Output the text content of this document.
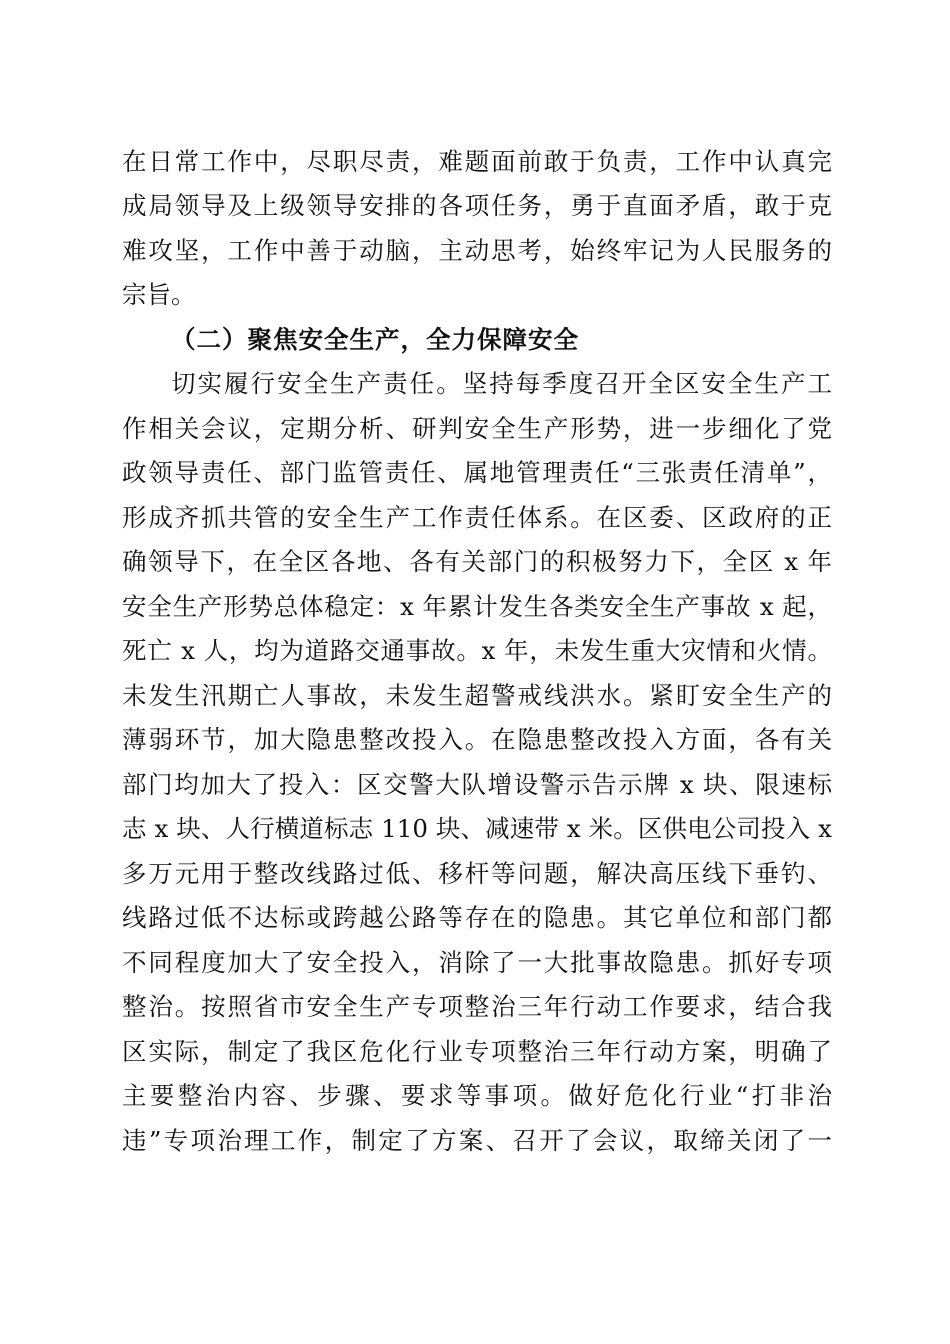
在日常工作中，尽职尽责，难题面前敢于负责，工作中认真完
成局领导及上级领导安排的各项任务，勇于直面矛盾，敢于克
难攻坚，工作中善于动脑，主动思考，始终牢记为人民服务的
宗旨。
（二）聚焦安全生产，全力保障安全
切实履行安全生产责任。坚持每季度召开全区安全生产工
作相关会议，定期分析、研判安全生产形势，进一步细化了党
政领导责任、部门监管责任、属地管理责任“三张责任清单”，
形成齐抓共管的安全生产工作责任体系。在区委、区政府的正
确领导下，在全区各地、各有关部门的积极努力下，全区 x 年
安全生产形势总体稳定：x 年累计发生各类安全生产事故 x 起，
死亡 x 人，均为道路交通事故。x 年，未发生重大灾情和火情。
未发生汛期亡人事故，未发生超警戒线洪水。紧盯安全生产的
薄弱环节，加大隐患整改投入。在隐患整改投入方面，各有关
部门均加大了投入：区交警大队增设警示告示牌 x 块、限速标
志 x 块、人行横道标志 110 块、减速带 x 米。区供电公司投入 x
多万元用于整改线路过低、移杆等问题，解决高压线下垂钓、
线路过低不达标或跨越公路等存在的隐患。其它单位和部门都
不同程度加大了安全投入，消除了一大批事故隐患。抓好专项
整治。按照省市安全生产专项整治三年行动工作要求，结合我
区实际，制定了我区危化行业专项整治三年行动方案，明确了
主要整治内容、步骤、要求等事项。做好危化行业“打非治
违”专项治理工作，制定了方案、召开了会议，取缔关闭了一
